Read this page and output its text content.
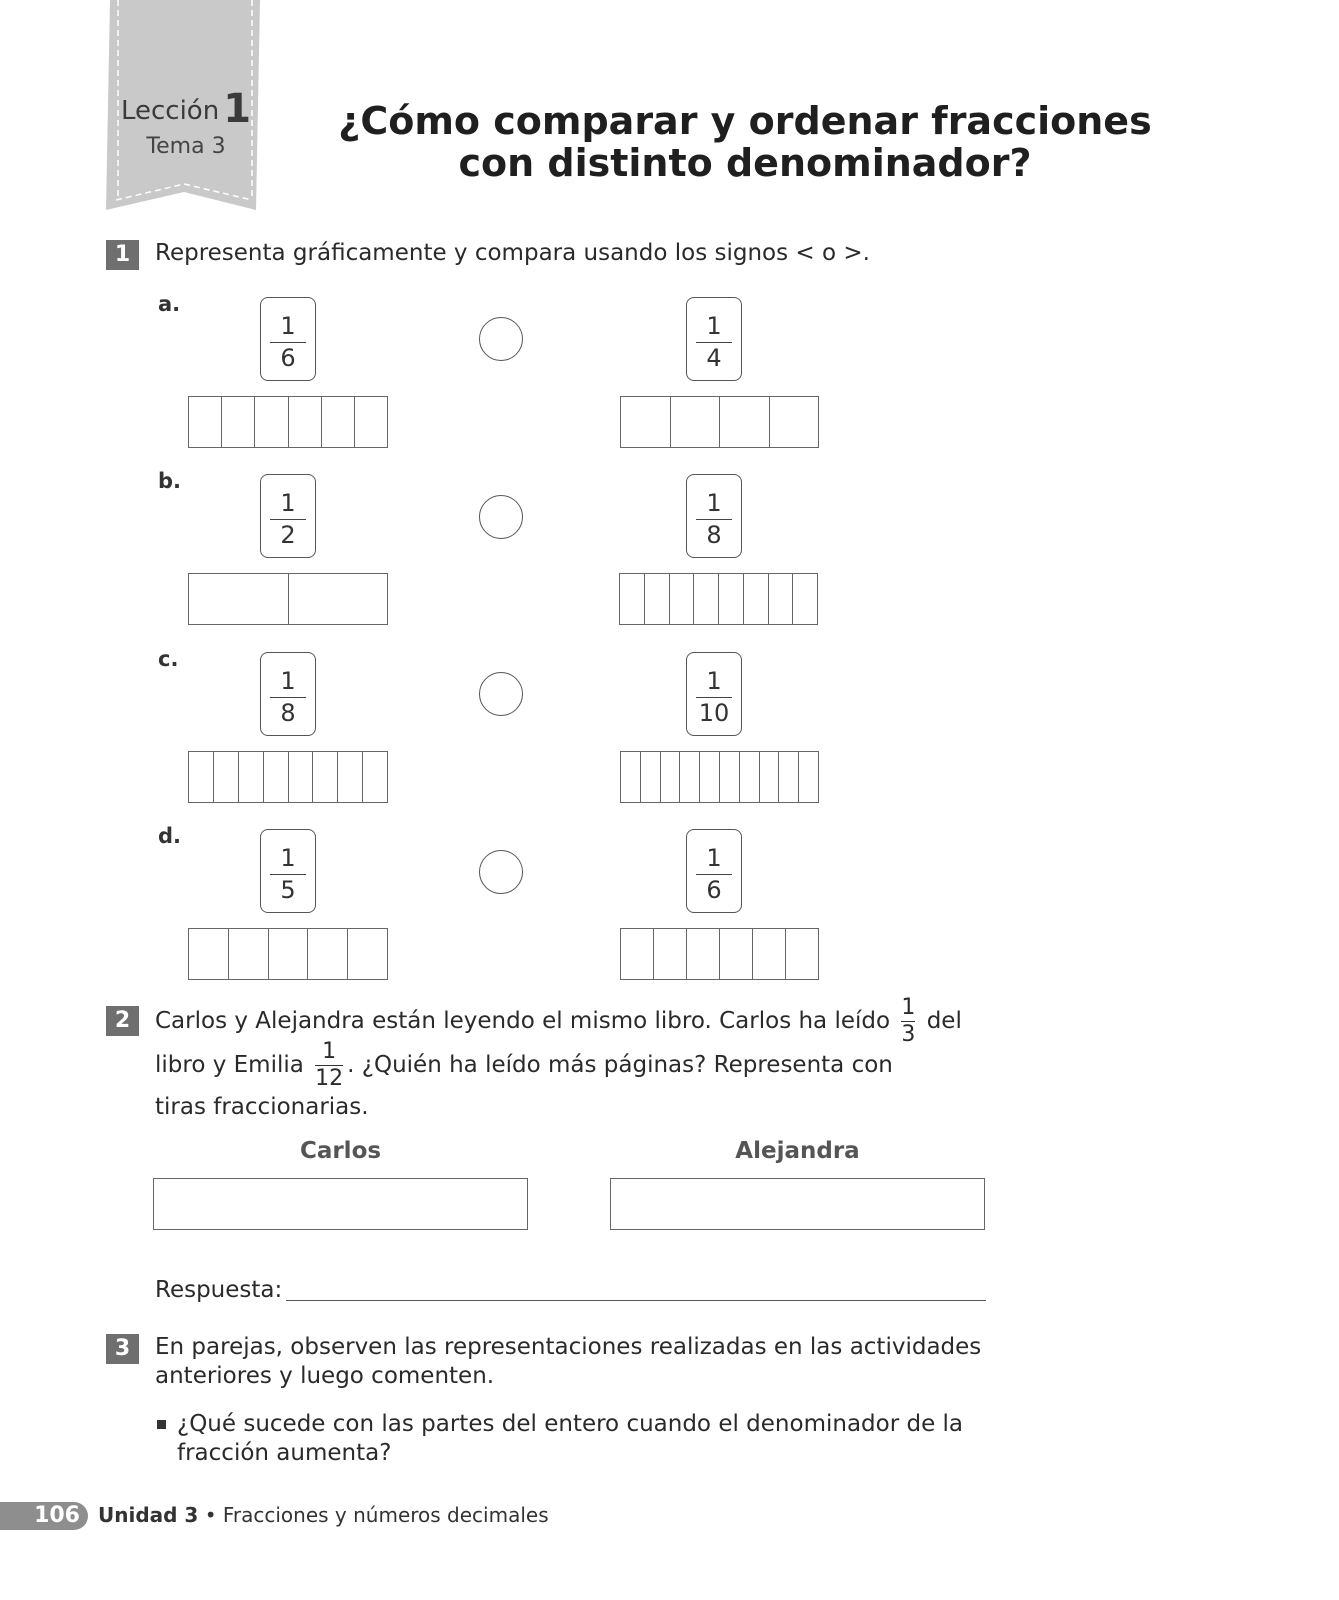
Lección 1
Tema 3
¿Cómo comparar y ordenar fracciones
con distinto denominador?
1	Representa gráficamente y compara usando los signos < o >.
a.
1
6
1
4
b.
1
2
1
8
c.
1
8
1
10
d.
1
5
1
6
2	Carlos y Alejandra están leyendo el mismo libro. Carlos ha leído $\frac{1}{3}$ del
libro y Emilia $\frac{1}{12}$ . ¿Quién ha leído más páginas? Representa con
tiras fraccionarias.
Carlos	Alejandra
Respuesta:
3	En parejas, observen las representaciones realizadas en las actividades
anteriores y luego comenten.
¿Qué sucede con las partes del entero cuando el denominador de la
fracción aumenta?
106 Unidad 3 • Fracciones y números decimales
